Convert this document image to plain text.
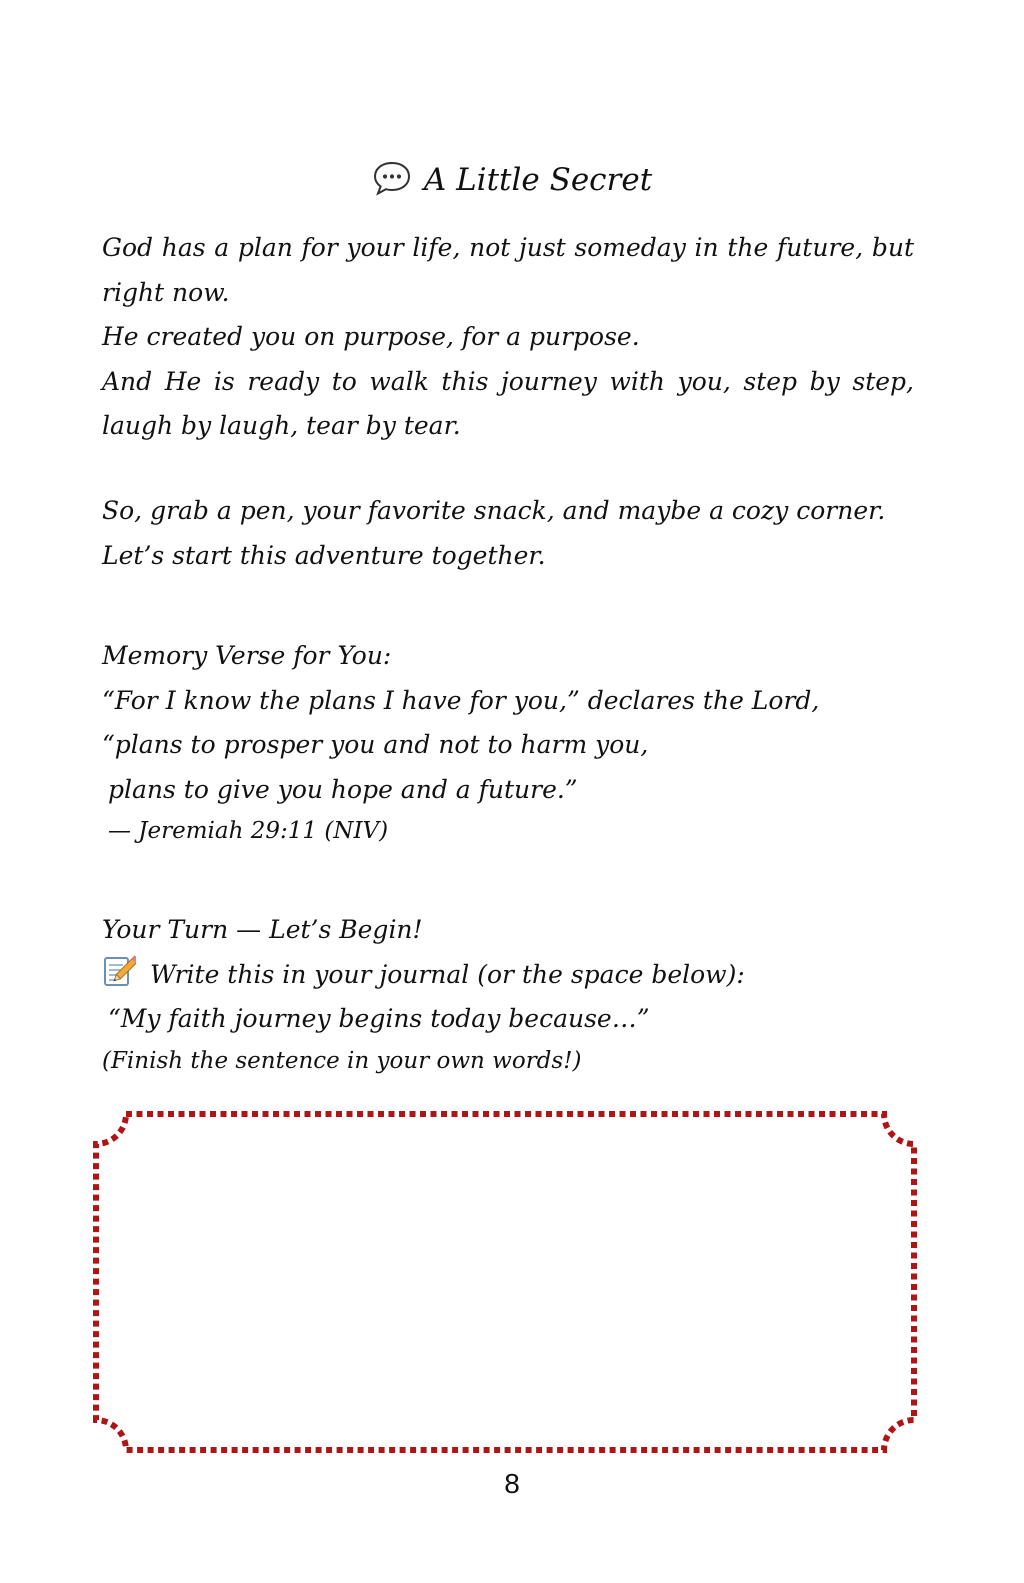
A Little Secret

God has a plan for your life, not just someday in the future, but right now.

He created you on purpose, for a purpose.

And He is ready to walk this journey with you, step by step, laugh by laugh, tear by tear.

So, grab a pen, your favorite snack, and maybe a cozy corner.

Let’s start this adventure together.

Memory Verse for You:

“For I know the plans I have for you,” declares the Lord,

“plans to prosper you and not to harm you,

plans to give you hope and a future.”

— Jeremiah 29:11 (NIV)

Your Turn — Let’s Begin!

Write this in your journal (or the space below):

“My faith journey begins today because…”

(Finish the sentence in your own words!)

8
